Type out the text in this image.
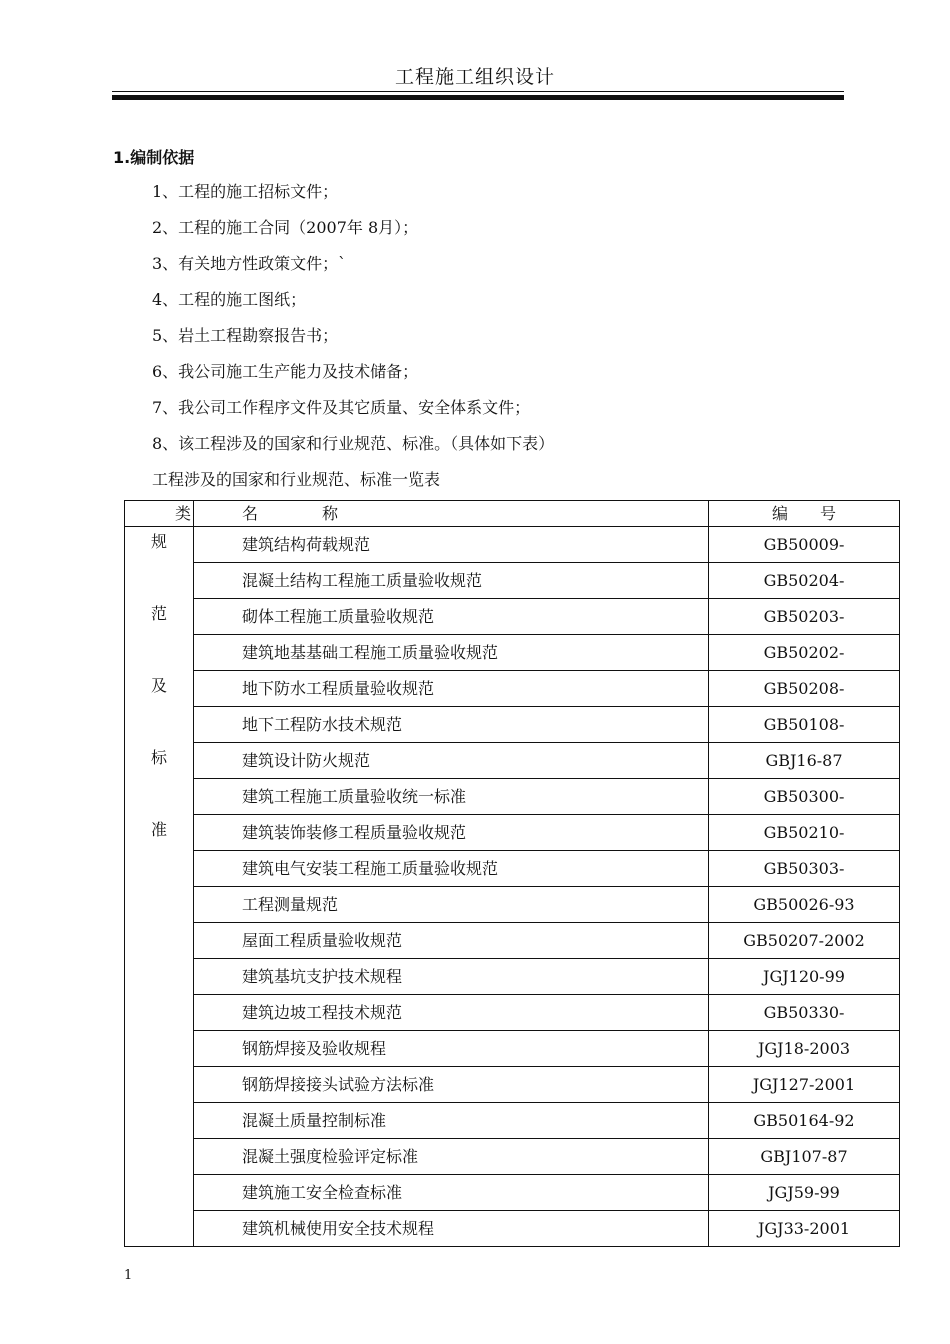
工程施工组织设计
1.编制依据
1、工程的施工招标文件；
2、工程的施工合同（2007年 8月）；
3、有关地方性政策文件；`
4、工程的施工图纸；
5、岩土工程勘察报告书；
6、我公司施工生产能力及技术储备；
7、我公司工作程序文件及其它质量、安全体系文件；
8、该工程涉及的国家和行业规范、标准。（具体如下表）
工程涉及的国家和行业规范、标准一览表
类	名　　　　称	编　　号

规
范
及
标
准	建筑结构荷载规范	GB50009-
	混凝土结构工程施工质量验收规范	GB50204-
	砌体工程施工质量验收规范	GB50203-
	建筑地基基础工程施工质量验收规范	GB50202-
	地下防水工程质量验收规范	GB50208-
	地下工程防水技术规范	GB50108-
	建筑设计防火规范	GBJ16-87
	建筑工程施工质量验收统一标准	GB50300-
	建筑装饰装修工程质量验收规范	GB50210-
	建筑电气安装工程施工质量验收规范	GB50303-
	工程测量规范	GB50026-93
	屋面工程质量验收规范	GB50207-2002
	建筑基坑支护技术规程	JGJ120-99
	建筑边坡工程技术规范	GB50330-
	钢筋焊接及验收规程	JGJ18-2003
	钢筋焊接接头试验方法标准	JGJ127-2001
	混凝土质量控制标准	GB50164-92
	混凝土强度检验评定标准	GBJ107-87
	建筑施工安全检查标准	JGJ59-99
	建筑机械使用安全技术规程	JGJ33-2001
1
